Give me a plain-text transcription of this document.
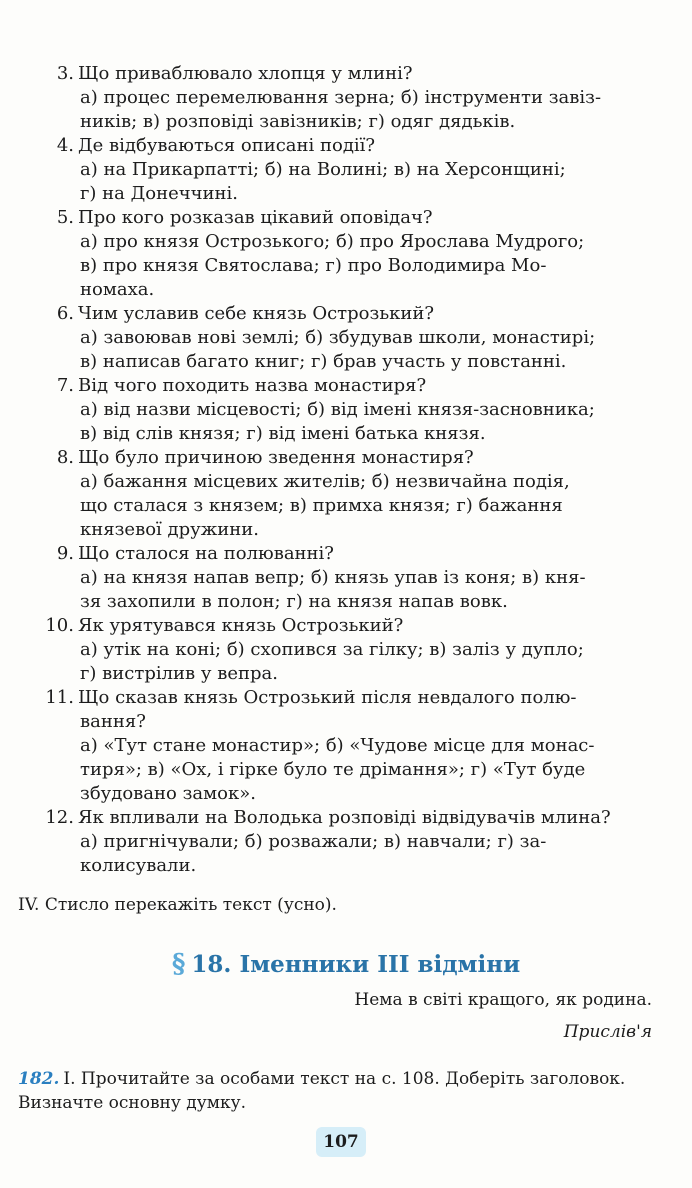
3. Що приваблювало хлопця у млині?
а) процес перемелювання зерна; б) інструменти завіз-
ників; в) розповіді завізників; г) одяг дядьків.
4. Де відбуваються описані події?
а) на Прикарпатті; б) на Волині; в) на Херсонщині;
г) на Донеччині.
5. Про кого розказав цікавий оповідач?
а) про князя Острозького; б) про Ярослава Мудрого;
в) про князя Святослава; г) про Володимира Мо-
номаха.
6. Чим уславив себе князь Острозький?
а) завоював нові землі; б) збудував школи, монастирі;
в) написав багато книг; г) брав участь у повстанні.
7. Від чого походить назва монастиря?
а) від назви місцевості; б) від імені князя-засновника;
в) від слів князя; г) від імені батька князя.
8. Що було причиною зведення монастиря?
а) бажання місцевих жителів; б) незвичайна подія,
що сталася з князем; в) примха князя; г) бажання
князевої дружини.
9. Що сталося на полюванні?
а) на князя напав вепр; б) князь упав із коня; в) кня-
зя захопили в полон; г) на князя напав вовк.
10. Як урятувався князь Острозький?
а) утік на коні; б) схопився за гілку; в) заліз у дупло;
г) вистрілив у вепра.
11. Що сказав князь Острозький після невдалого полю-
вання?
а) «Тут стане монастир»; б) «Чудове місце для монас-
тиря»; в) «Ох, і гірке було те дрімання»; г) «Тут буде
збудовано замок».
12. Як впливали на Володька розповіді відвідувачів млина?
а) пригнічували; б) розважали; в) навчали; г) за-
колисували.
IV. Стисло перекажіть текст (усно).
§ 18. Іменники III відміни
Нема в світі кращого, як родина.
Прислів'я
182. I. Прочитайте за особами текст на с. 108. Доберіть заголовок.
Визначте основну думку.
107
